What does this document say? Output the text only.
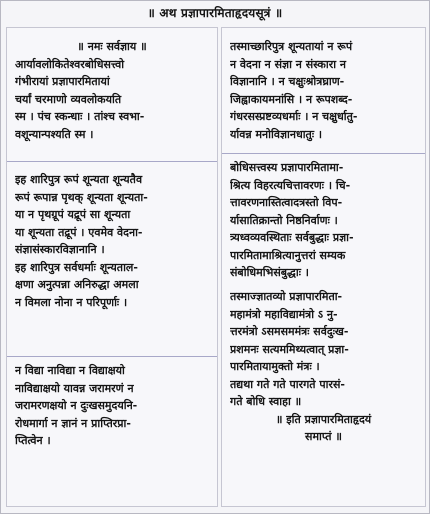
॥ अथ प्रज्ञापारमिताहृदयसूत्रं ॥
॥ नमः सर्वज्ञाय ॥
आर्यावलोकितेश्वरबोधिसत्त्वो
गंभीरायां प्रज्ञापारमितायां
चर्यां चरमाणो व्यवलोकयति
स्म । पंच स्कन्धाः । तांश्च स्वभा-
वशून्यान्पश्यति स्म ।
इह शारिपुत्र रूपं शून्यता शून्यतैव
रूपं रूपान्न पृथक् शून्यता शून्यता-
या न पृथग्रूपं यद्रूपं सा शून्यता
या शून्यता तद्रूपं । एवमेव वेदना-
संज्ञासंस्कारविज्ञानानि ।
इह शारिपुत्र सर्वधर्माः शून्यताल-
क्षणा अनुत्पन्ना अनिरुद्धा अमला
न विमला नोना न परिपूर्णाः ।
न विद्या नाविद्या न विद्याक्षयो
नाविद्याक्षयो यावन्न जरामरणं न
जरामरणक्षयो न दुःखसमुदयनि-
रोधमार्गा न ज्ञानं न प्राप्तिरप्रा-
प्तित्वेन ।
तस्माच्छारिपुत्र शून्यतायां न रूपं
न वेदना न संज्ञा न संस्कारा न
विज्ञानानि । न चक्षुःश्रोत्रघ्राण-
जिह्वाकायमनांसि । न रूपशब्द-
गंधरसस्प्रष्टव्यधर्माः । न चक्षुर्धातु-
र्यावन्न मनोविज्ञानधातुः ।
बोधिसत्त्वस्य प्रज्ञापारमितामा-
श्रित्य विहरत्यचित्तावरणः । चि-
त्तावरणनास्तित्वादत्रस्तो विप-
र्यासातिक्रान्तो निष्ठनिर्वाणः ।
त्र्यध्वव्यवस्थिताः सर्वबुद्धाः प्रज्ञा-
पारमितामाश्रित्यानुत्तरां सम्यक
संबोधिमभिसंबुद्धाः ।
तस्माज्ज्ञातव्यो प्रज्ञापारमिता-
महामंत्रो महाविद्यामंत्रो ऽ नु-
त्तरमंत्रो ऽसमसममंत्रः सर्वदुःख-
प्रशमनः सत्यममिथ्यत्वात् प्रज्ञा-
पारमितायामुक्तो मंत्रः ।
तद्यथा गते गते पारगते पारसं-
गते बोधि स्वाहा ॥
॥ इति प्रज्ञापारमिताहृदयं
समाप्तं ॥
